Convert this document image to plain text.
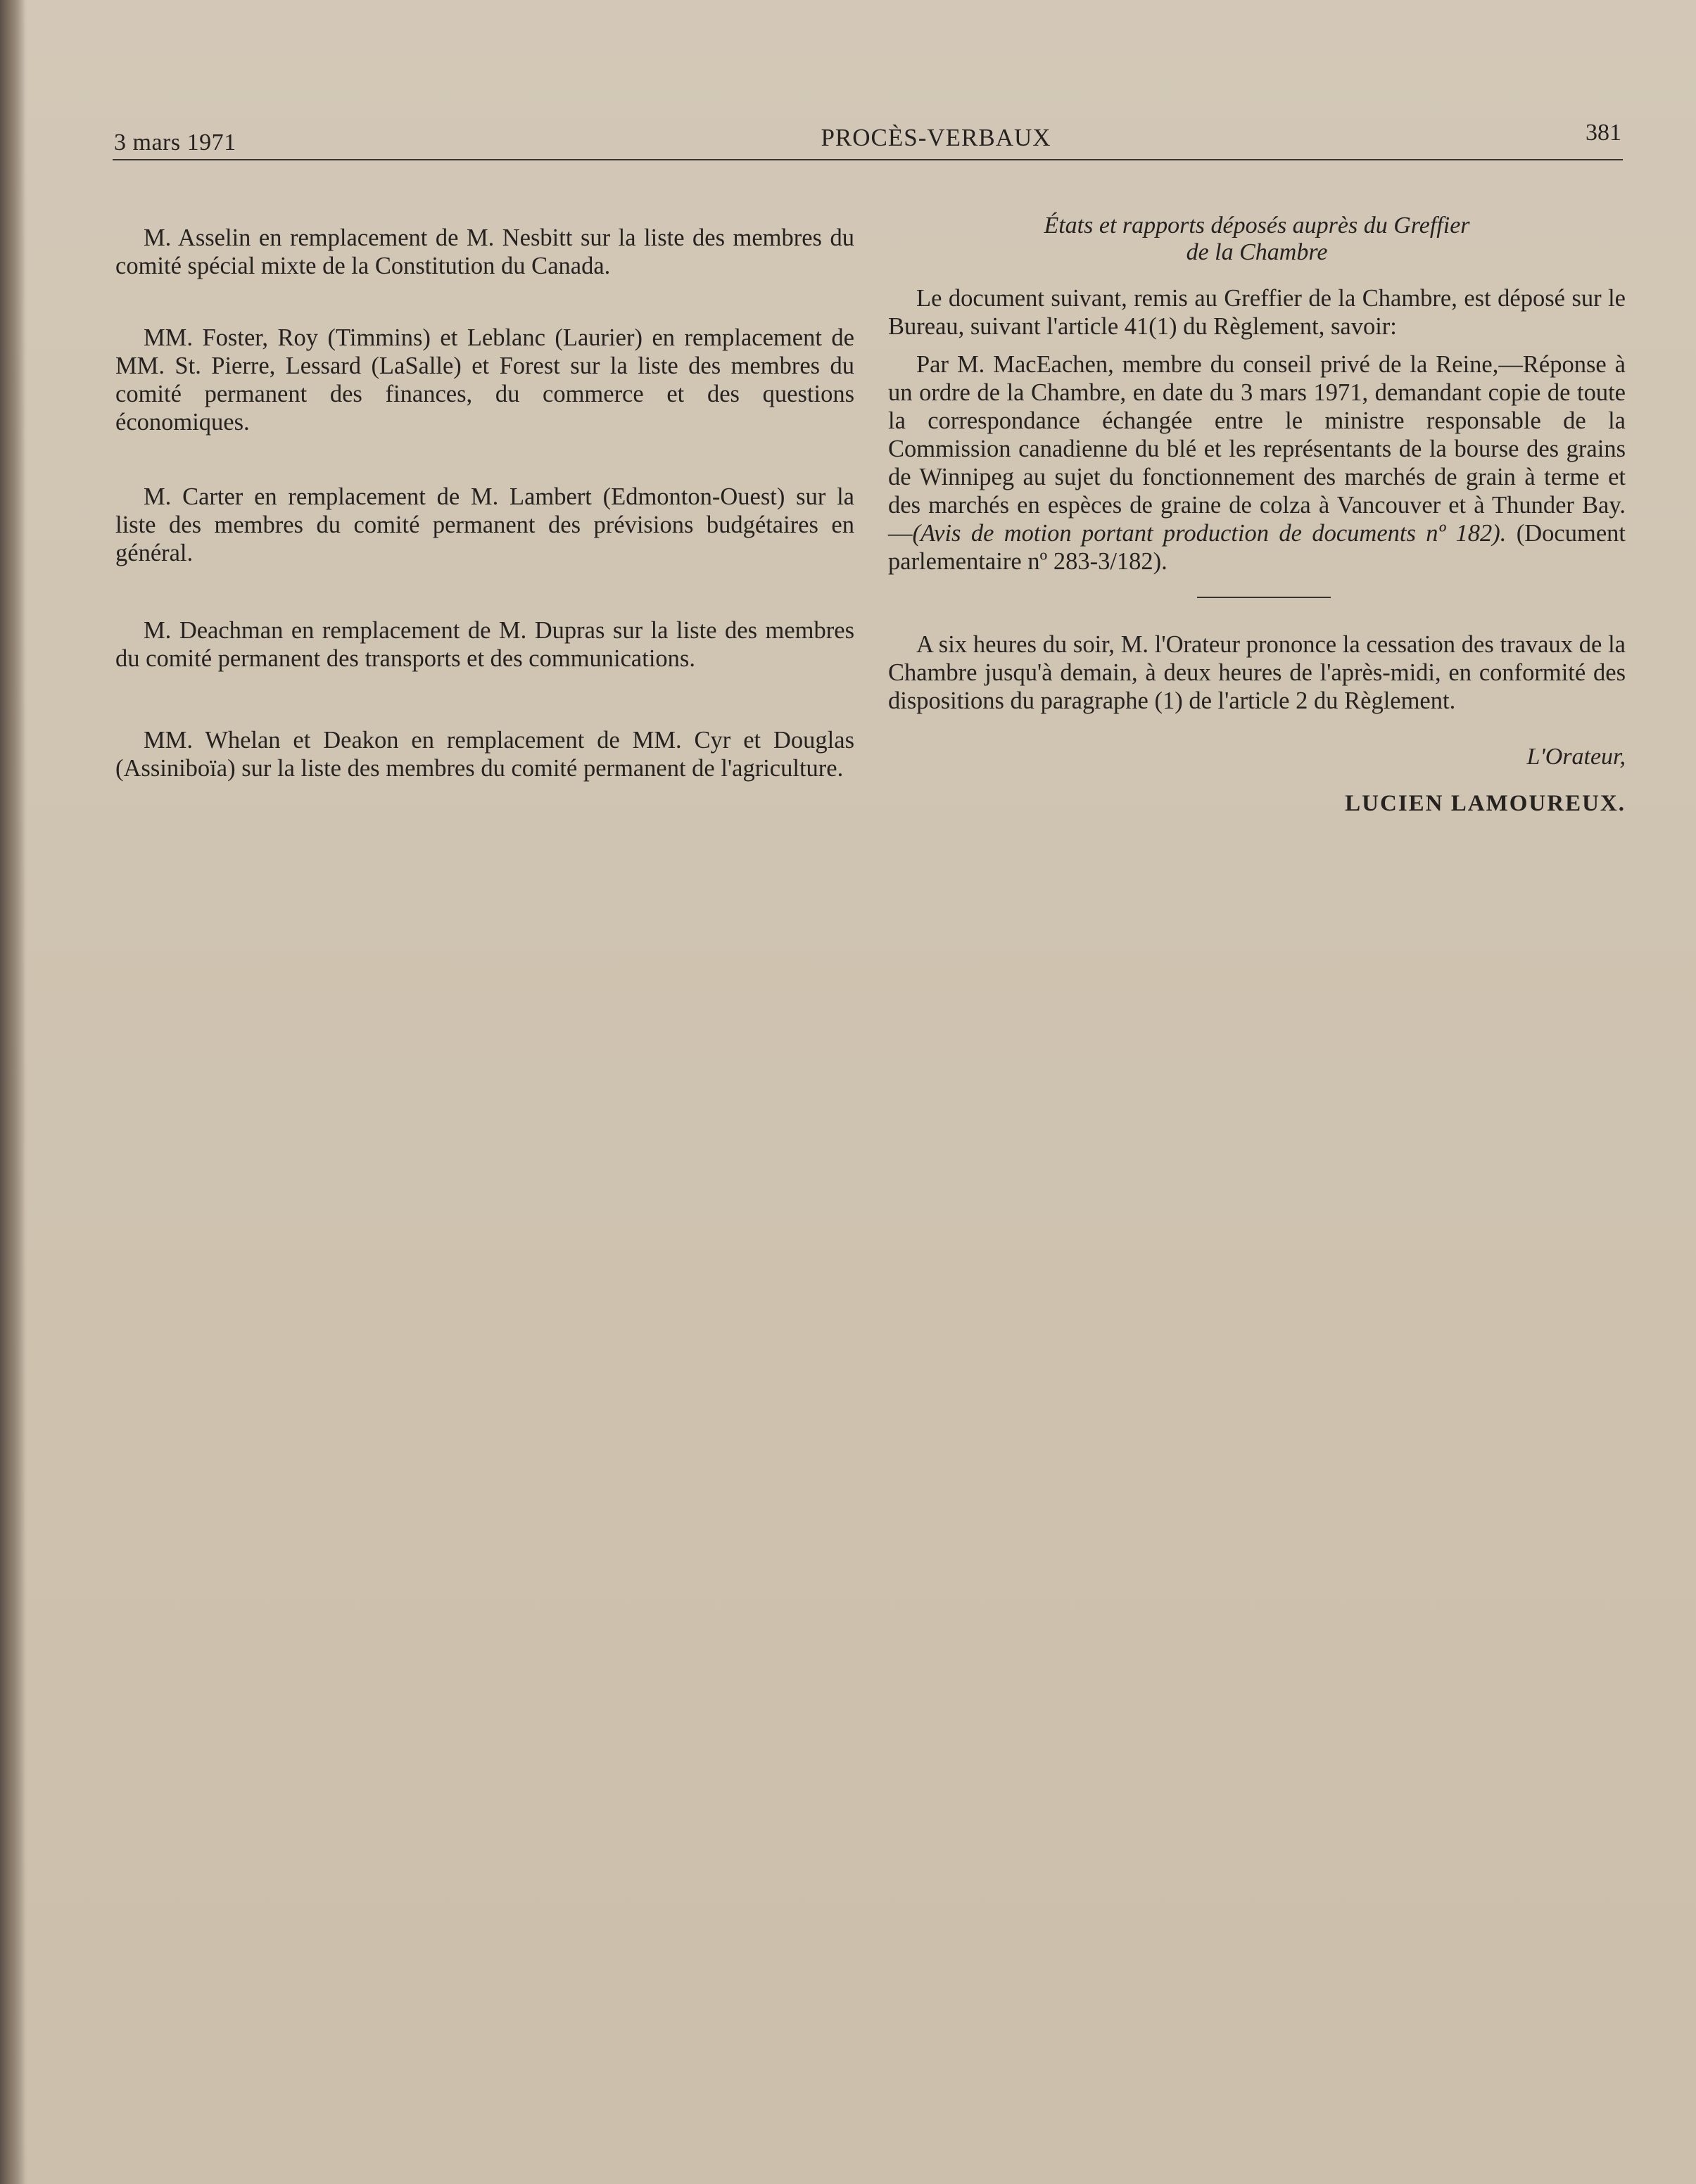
3 mars 1971	PROCÈS-VERBAUX	381

M. Asselin en remplacement de M. Nesbitt sur la liste des membres du comité spécial mixte de la Constitution du Canada.

MM. Foster, Roy (Timmins) et Leblanc (Laurier) en remplacement de MM. St. Pierre, Lessard (LaSalle) et Forest sur la liste des membres du comité permanent des finances, du commerce et des questions économiques.

M. Carter en remplacement de M. Lambert (Edmonton-Ouest) sur la liste des membres du comité permanent des prévisions budgétaires en général.

M. Deachman en remplacement de M. Dupras sur la liste des membres du comité permanent des transports et des communications.

MM. Whelan et Deakon en remplacement de MM. Cyr et Douglas (Assiniboïa) sur la liste des membres du comité permanent de l'agriculture.

États et rapports déposés auprès du Greffier
de la Chambre

Le document suivant, remis au Greffier de la Chambre, est déposé sur le Bureau, suivant l'article 41(1) du Règlement, savoir:

Par M. MacEachen, membre du conseil privé de la Reine,—Réponse à un ordre de la Chambre, en date du 3 mars 1971, demandant copie de toute la correspondance échangée entre le ministre responsable de la Commission canadienne du blé et les représentants de la bourse des grains de Winnipeg au sujet du fonctionnement des marchés de grain à terme et des marchés en espèces de graine de colza à Vancouver et à Thunder Bay.—(Avis de motion portant production de documents nº 182). (Document parlementaire nº 283-3/182).

A six heures du soir, M. l'Orateur prononce la cessation des travaux de la Chambre jusqu'à demain, à deux heures de l'après-midi, en conformité des dispositions du paragraphe (1) de l'article 2 du Règlement.

L'Orateur,

LUCIEN LAMOUREUX.
